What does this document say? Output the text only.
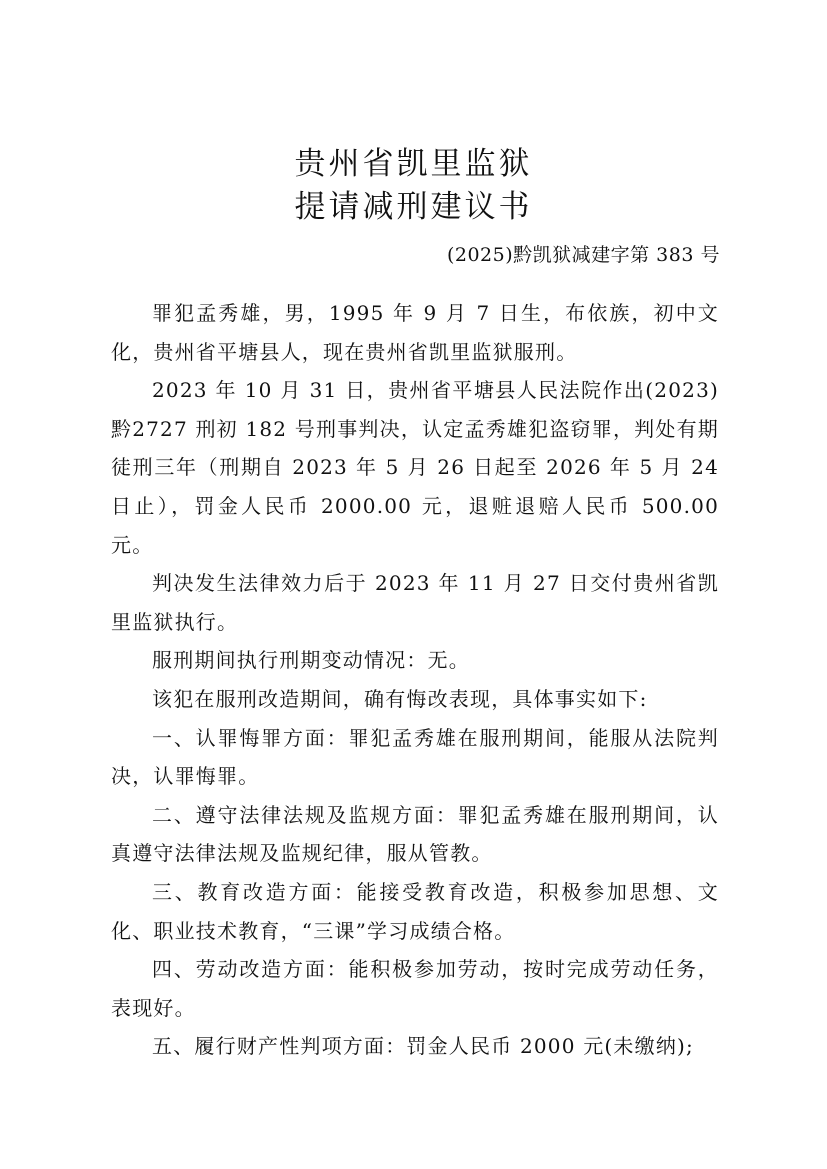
贵州省凯里监狱
提请减刑建议书
(2025)黔凯狱减建字第 383 号

罪犯孟秀雄，男，1995 年 9 月 7 日生，布依族，初中文化，贵州省平塘县人，现在贵州省凯里监狱服刑。

2023 年 10 月 31 日，贵州省平塘县人民法院作出(2023)黔2727 刑初 182 号刑事判决，认定孟秀雄犯盗窃罪，判处有期徒刑三年（刑期自 2023 年 5 月 26 日起至 2026 年 5 月 24 日止），罚金人民币 2000.00 元，退赃退赔人民币 500.00 元。

判决发生法律效力后于 2023 年 11 月 27 日交付贵州省凯里监狱执行。

服刑期间执行刑期变动情况：无。

该犯在服刑改造期间，确有悔改表现，具体事实如下:

一、认罪悔罪方面：罪犯孟秀雄在服刑期间，能服从法院判决，认罪悔罪。

二、遵守法律法规及监规方面：罪犯孟秀雄在服刑期间，认真遵守法律法规及监规纪律，服从管教。

三、教育改造方面：能接受教育改造，积极参加思想、文化、职业技术教育，“三课”学习成绩合格。

四、劳动改造方面：能积极参加劳动，按时完成劳动任务，表现好。

五、履行财产性判项方面：罚金人民币 2000 元(未缴纳);
